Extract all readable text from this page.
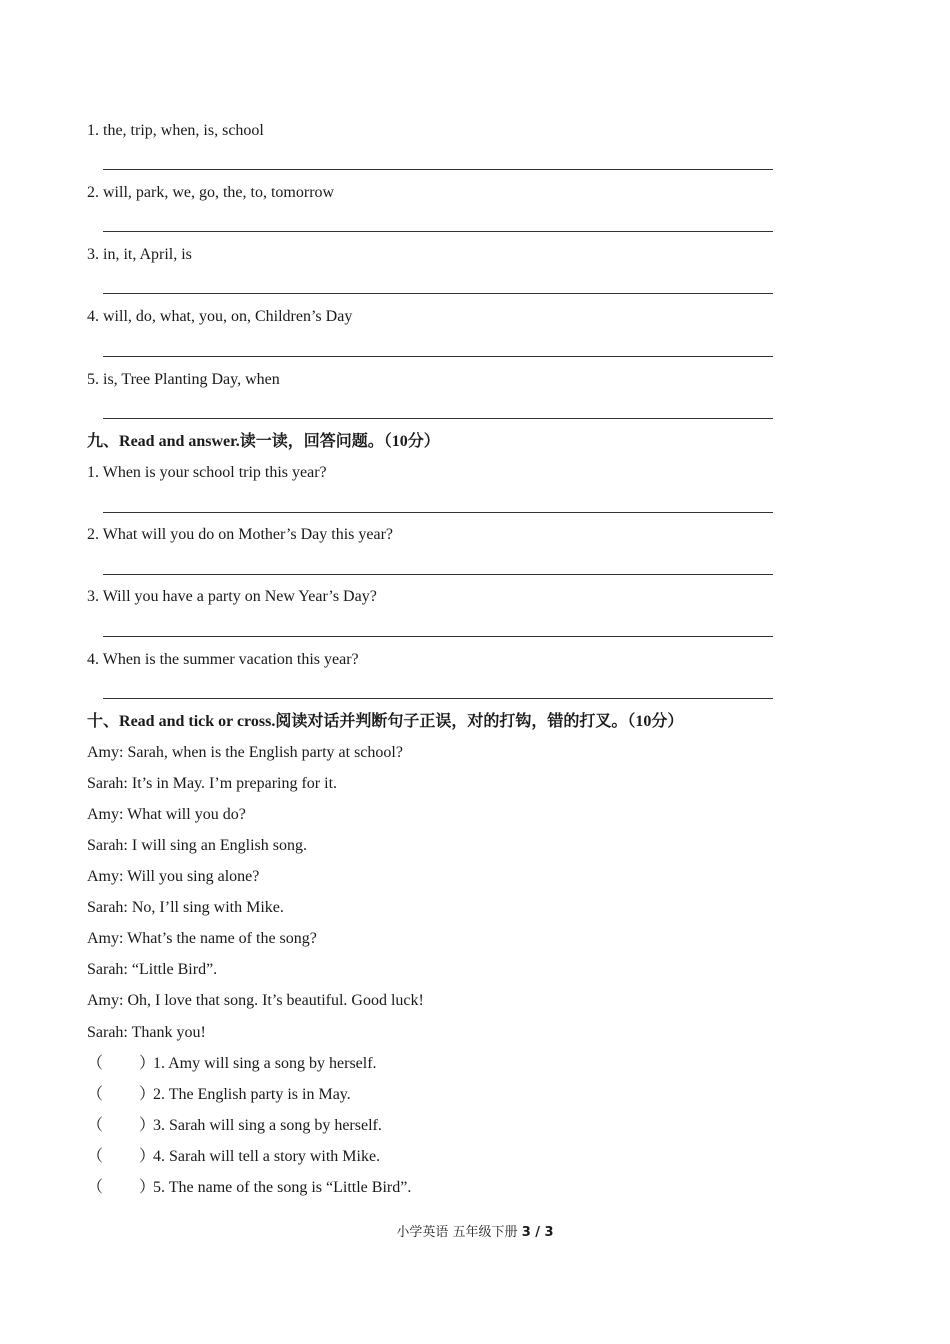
1. the, trip, when, is, school
2. will, park, we, go, the, to, tomorrow
3. in, it, April, is
4. will, do, what, you, on, Children’s Day
5. is, Tree Planting Day, when
九、Read and answer.读一读，回答问题。（10分）
1. When is your school trip this year?
2. What will you do on Mother’s Day this year?
3. Will you have a party on New Year’s Day?
4. When is the summer vacation this year?
十、Read and tick or cross.阅读对话并判断句子正误，对的打钩，错的打叉。（10分）
Amy: Sarah, when is the English party at school?
Sarah: It’s in May. I’m preparing for it.
Amy: What will you do?
Sarah: I will sing an English song.
Amy: Will you sing alone?
Sarah: No, I’ll sing with Mike.
Amy: What’s the name of the song?
Sarah: “Little Bird”.
Amy: Oh, I love that song. It’s beautiful. Good luck!
Sarah: Thank you!
（ ）1. Amy will sing a song by herself.
（ ）2. The English party is in May.
（ ）3. Sarah will sing a song by herself.
（ ）4. Sarah will tell a story with Mike.
（ ）5. The name of the song is “Little Bird”.
小学英语 五年级下册 3 / 3
